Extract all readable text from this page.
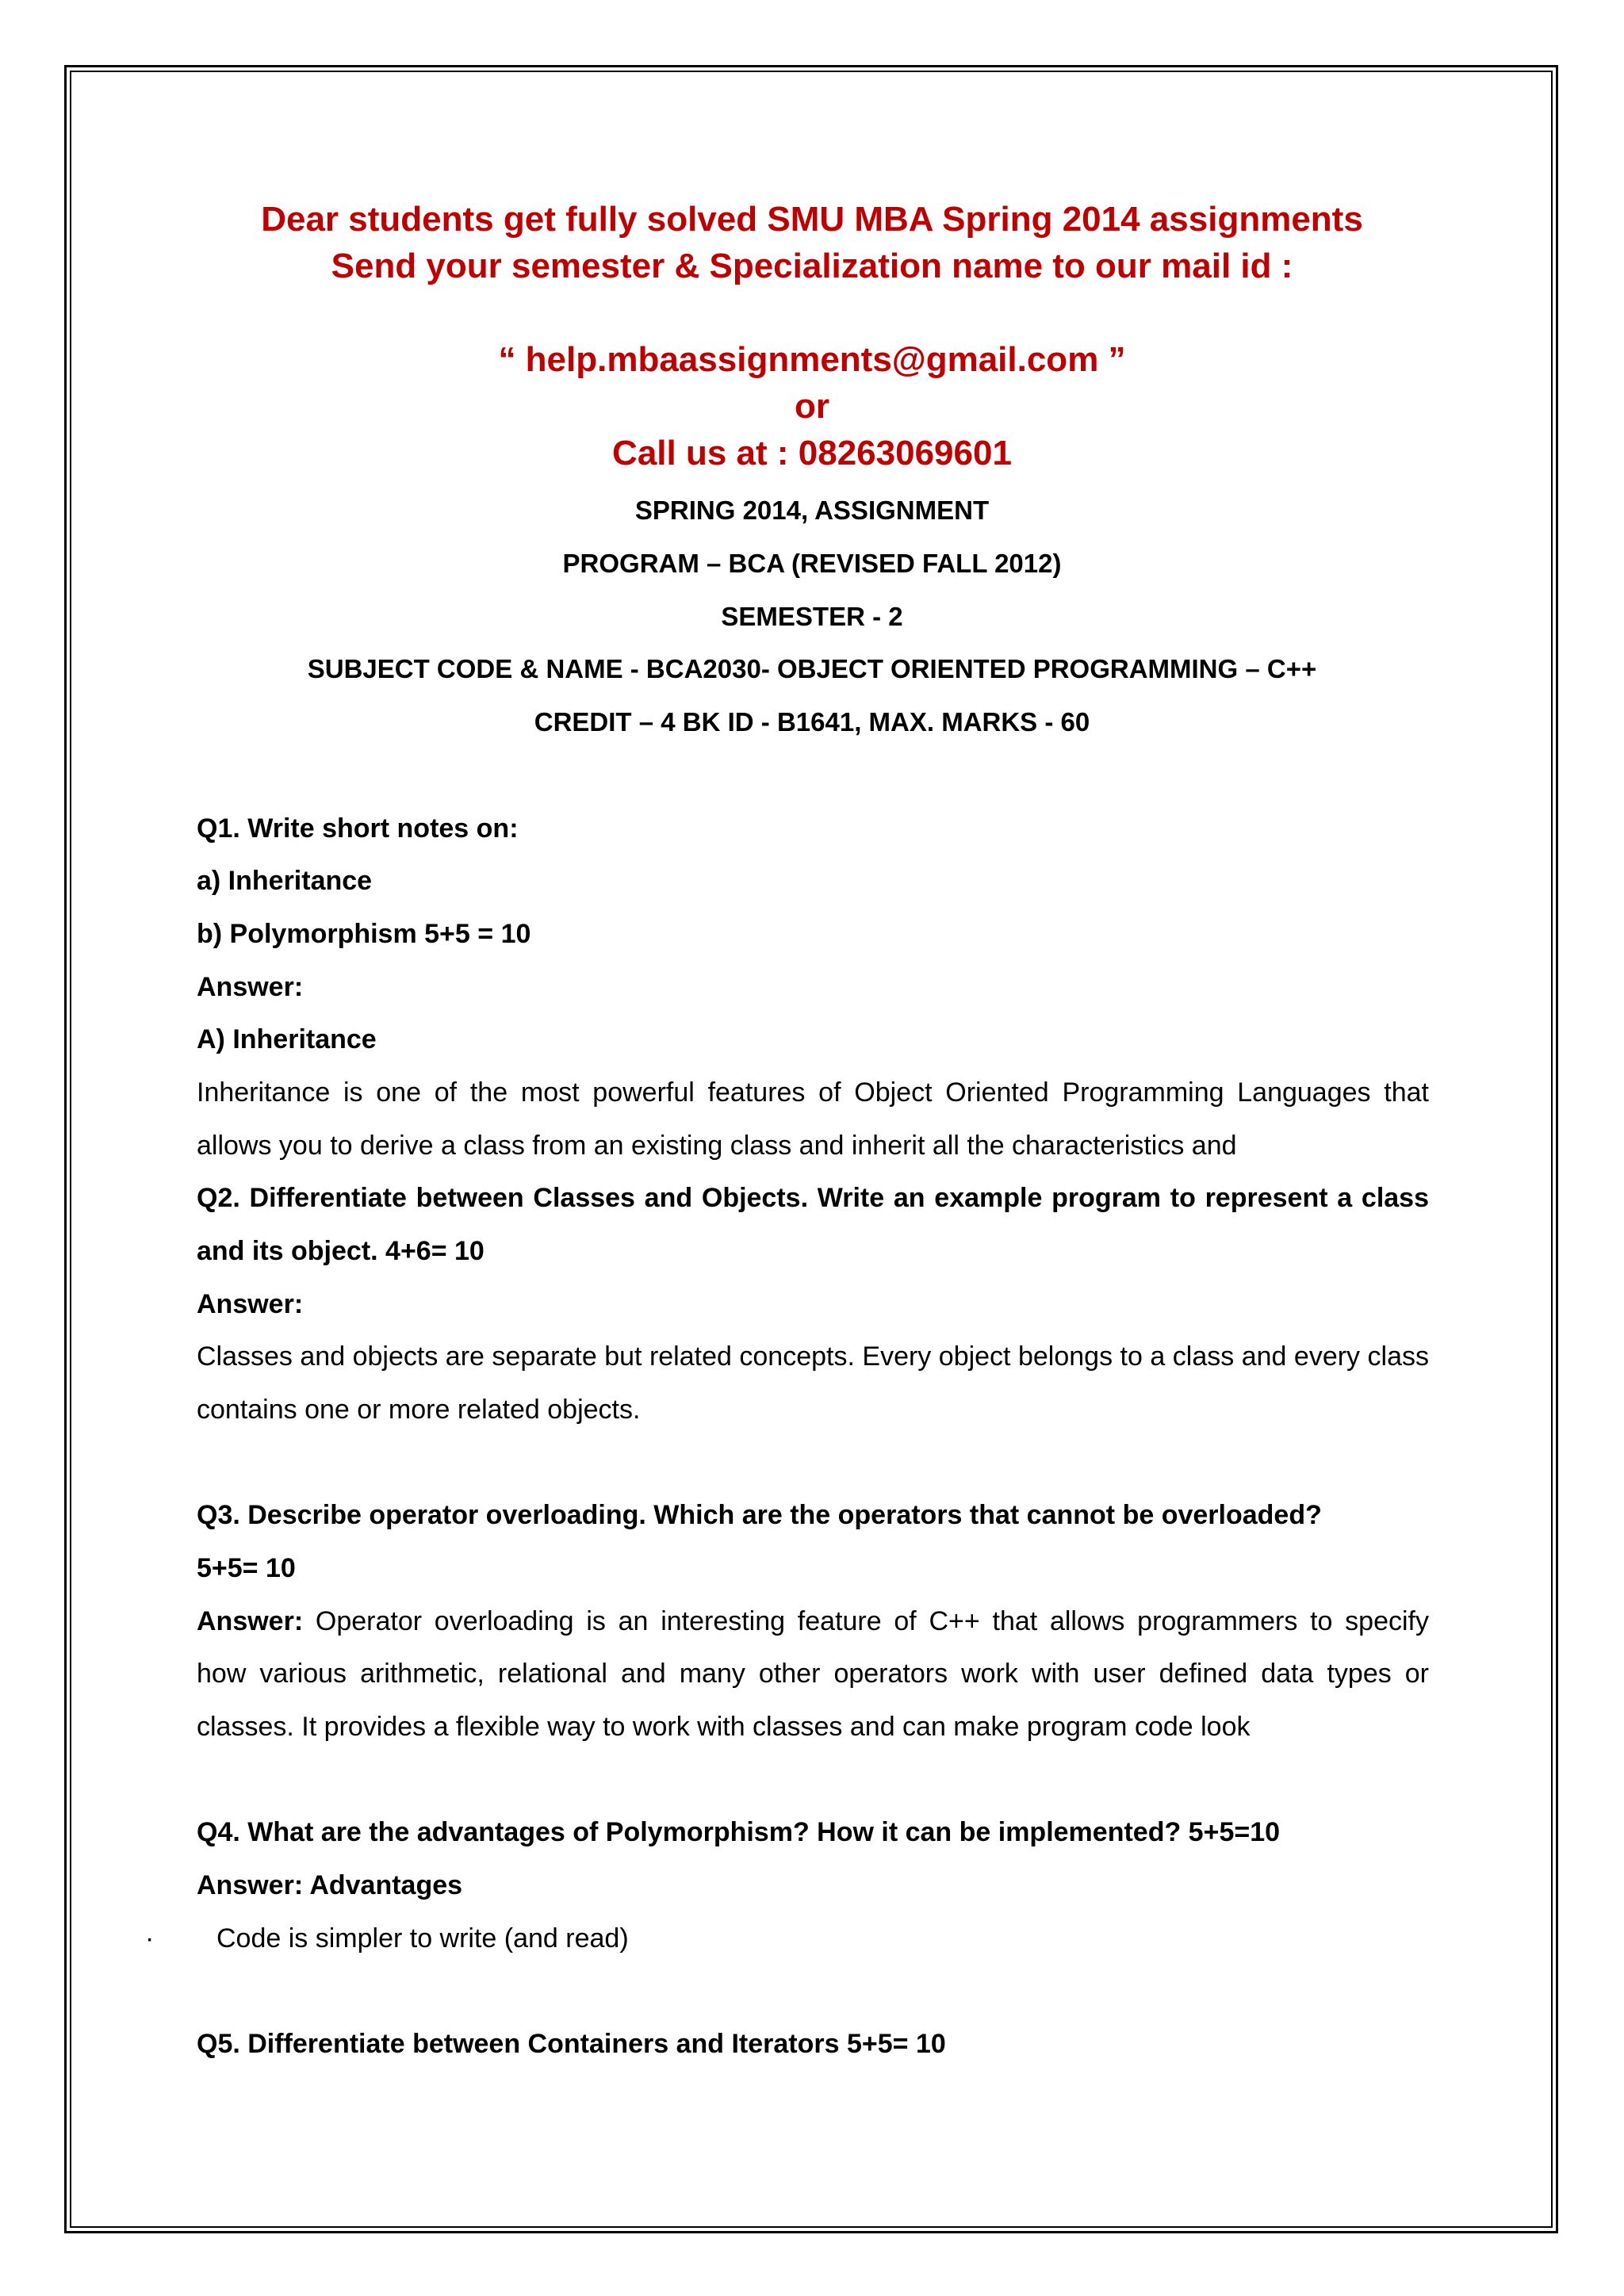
Dear students get fully solved SMU MBA Spring 2014 assignments
Send your semester & Specialization name to our mail id :
“ help.mbaassignments@gmail.com ”
or
Call us at : 08263069601
SPRING 2014, ASSIGNMENT
PROGRAM – BCA (REVISED FALL 2012)
SEMESTER - 2
SUBJECT CODE & NAME - BCA2030- OBJECT ORIENTED PROGRAMMING – C++
CREDIT – 4 BK ID - B1641, MAX. MARKS - 60
Q1. Write short notes on:
a) Inheritance
b) Polymorphism 5+5 = 10
Answer:
A) Inheritance
Inheritance is one of the most powerful features of Object Oriented Programming Languages that
allows you to derive a class from an existing class and inherit all the characteristics and
Q2. Differentiate between Classes and Objects. Write an example program to represent a class
and its object. 4+6= 10
Answer:
Classes and objects are separate but related concepts. Every object belongs to a class and every class
contains one or more related objects.
Q3. Describe operator overloading. Which are the operators that cannot be overloaded?
5+5= 10
Answer: Operator overloading is an interesting feature of C++ that allows programmers to specify
how various arithmetic, relational and many other operators work with user defined data types or
classes. It provides a flexible way to work with classes and can make program code look
Q4. What are the advantages of Polymorphism? How it can be implemented? 5+5=10
Answer: Advantages
· Code is simpler to write (and read)
Q5. Differentiate between Containers and Iterators 5+5= 10
